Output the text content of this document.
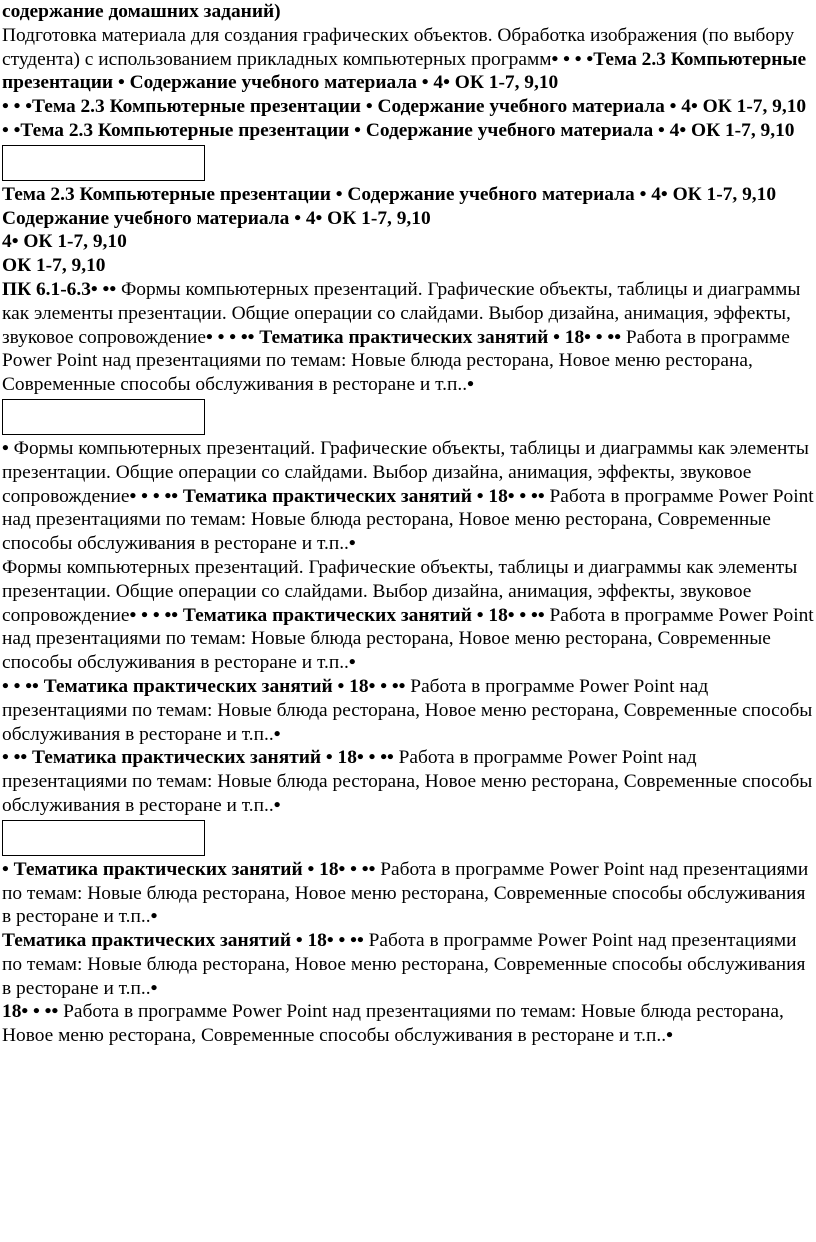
содержание домашних заданий)

Подготовка материала для создания графических объектов. Обработка изображения (по выбору студента) с использованием прикладных компьютерных программ• • • •Тема 2.3 Компьютерные презентации • Содержание учебного материала • 4• ОК 1-7, 9,10

• • •Тема 2.3 Компьютерные презентации • Содержание учебного материала • 4• ОК 1-7, 9,10

• •Тема 2.3 Компьютерные презентации • Содержание учебного материала • 4• ОК 1-7, 9,10

Тема 2.3 Компьютерные презентации • Содержание учебного материала • 4• ОК 1-7, 9,10

Содержание учебного материала • 4• ОК 1-7, 9,10

4• ОК 1-7, 9,10

ОК 1-7, 9,10

ПК 6.1-6.3• •• Формы компьютерных презентаций. Графические объекты, таблицы и диаграммы как элементы презентации. Общие операции со слайдами. Выбор дизайна, анимация, эффекты, звуковое сопровождение• • • •• Тематика практических занятий • 18• • •• Работа в программе Power Point над презентациями по темам: Новые блюда ресторана, Новое меню ресторана, Современные способы обслуживания в ресторане и т.п..•

• Формы компьютерных презентаций. Графические объекты, таблицы и диаграммы как элементы презентации. Общие операции со слайдами. Выбор дизайна, анимация, эффекты, звуковое сопровождение• • • •• Тематика практических занятий • 18• • •• Работа в программе Power Point над презентациями по темам: Новые блюда ресторана, Новое меню ресторана, Современные способы обслуживания в ресторане и т.п..•

Формы компьютерных презентаций. Графические объекты, таблицы и диаграммы как элементы презентации. Общие операции со слайдами. Выбор дизайна, анимация, эффекты, звуковое сопровождение• • • •• Тематика практических занятий • 18• • •• Работа в программе Power Point над презентациями по темам: Новые блюда ресторана, Новое меню ресторана, Современные способы обслуживания в ресторане и т.п..•

• • •• Тематика практических занятий • 18• • •• Работа в программе Power Point над презентациями по темам: Новые блюда ресторана, Новое меню ресторана, Современные способы обслуживания в ресторане и т.п..•

• •• Тематика практических занятий • 18• • •• Работа в программе Power Point над презентациями по темам: Новые блюда ресторана, Новое меню ресторана, Современные способы обслуживания в ресторане и т.п..•

• Тематика практических занятий • 18• • •• Работа в программе Power Point над презентациями по темам: Новые блюда ресторана, Новое меню ресторана, Современные способы обслуживания в ресторане и т.п..•

Тематика практических занятий • 18• • •• Работа в программе Power Point над презентациями по темам: Новые блюда ресторана, Новое меню ресторана, Современные способы обслуживания в ресторане и т.п..•

18• • •• Работа в программе Power Point над презентациями по темам: Новые блюда ресторана, Новое меню ресторана, Современные способы обслуживания в ресторане и т.п..•
